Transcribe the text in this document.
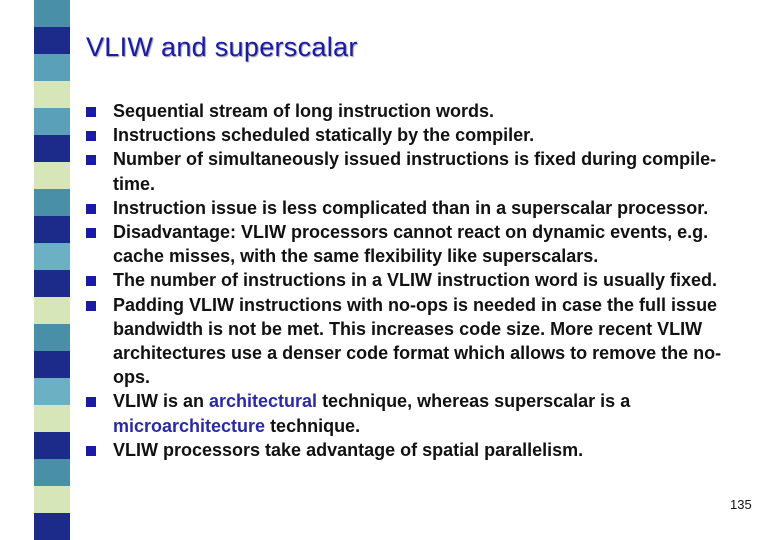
VLIW and superscalar
Sequential stream of long instruction words.
Instructions scheduled statically by the compiler.
Number of simultaneously issued instructions is fixed during compile-time.
Instruction issue is less complicated than in a superscalar processor.
Disadvantage: VLIW processors cannot react on dynamic events, e.g. cache misses, with the same flexibility like superscalars.
The number of instructions in a VLIW instruction word is usually fixed.
Padding VLIW instructions with no-ops is needed in case the full issue bandwidth is not be met. This increases code size. More recent VLIW architectures use a denser code format which allows to remove the no-ops.
VLIW is an architectural technique, whereas superscalar is a microarchitecture technique.
VLIW processors take advantage of spatial parallelism.
135
